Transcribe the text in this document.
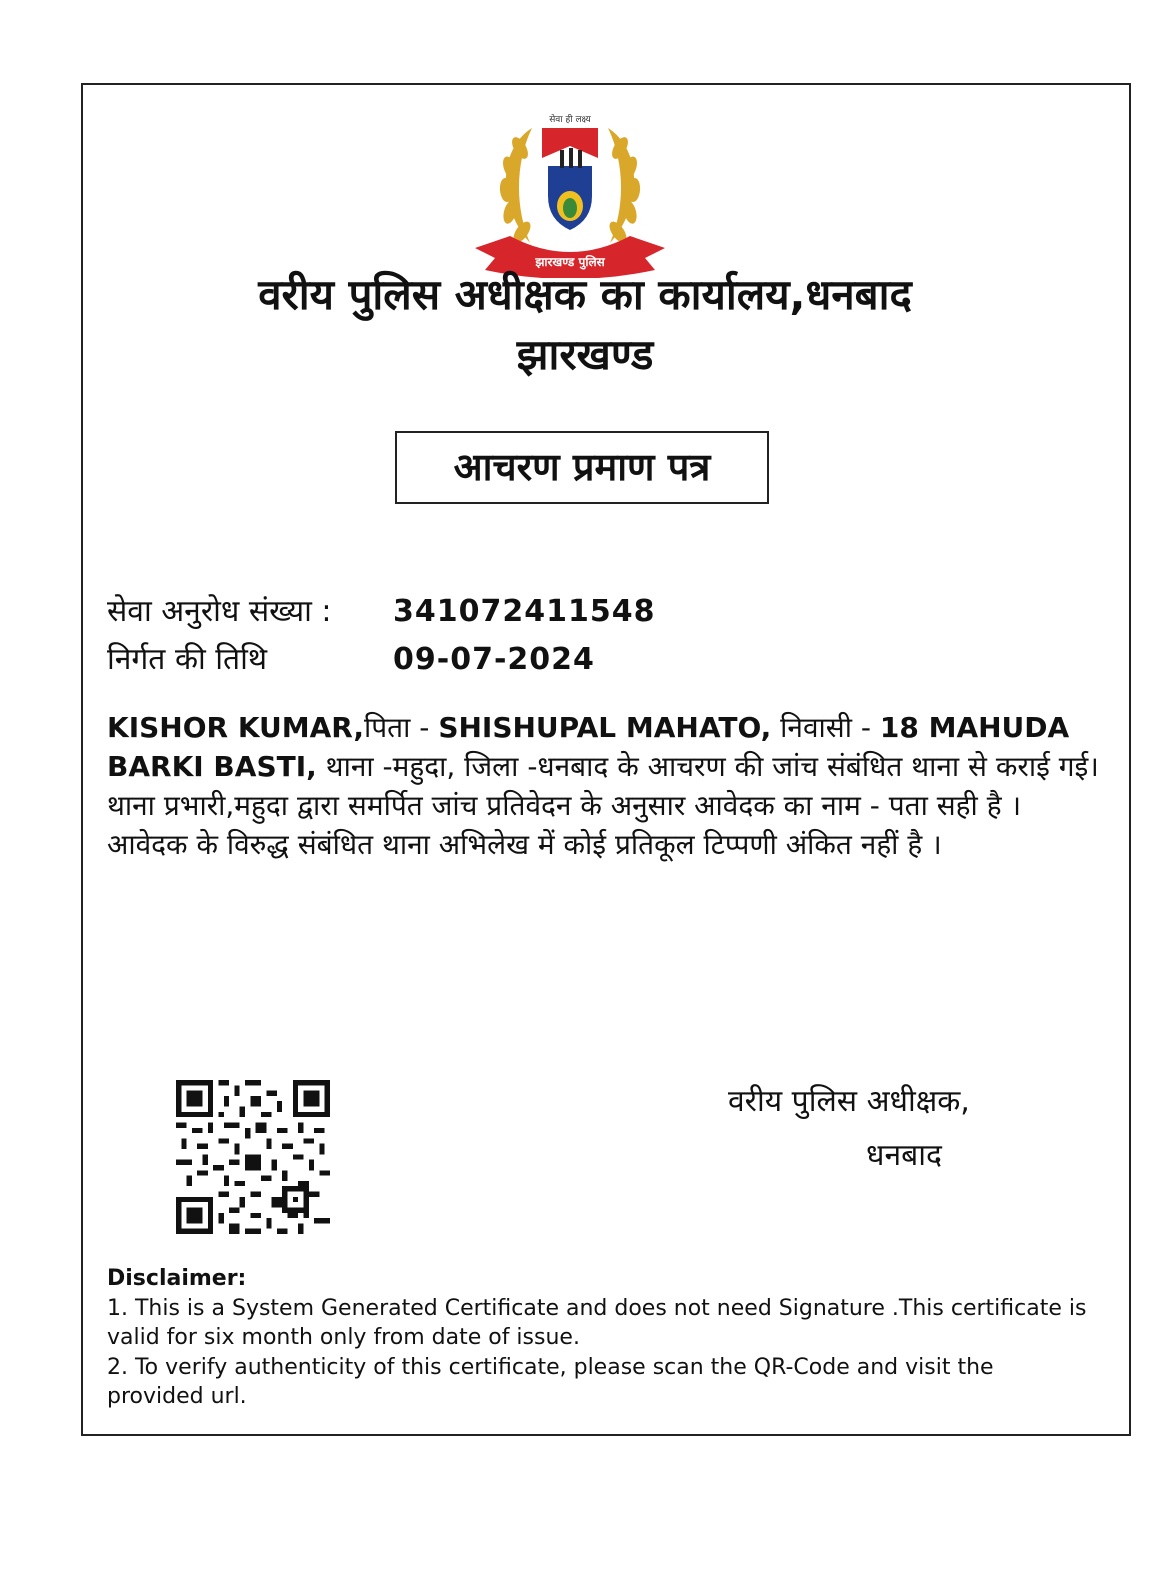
सेवा ही लक्ष्य
झारखण्ड पुलिस
वरीय पुलिस अधीक्षक का कार्यालय,धनबाद
झारखण्ड
आचरण प्रमाण पत्र
सेवा अनुरोध संख्या : 341072411548
निर्गत की तिथि	09-07-2024
KISHOR KUMAR,पिता - SHISHUPAL MAHATO, निवासी - 18 MAHUDA BARKI BASTI, थाना -महुदा, जिला -धनबाद के आचरण की जांच संबंधित थाना से कराई गई। थाना प्रभारी,महुदा द्वारा समर्पित जांच प्रतिवेदन के अनुसार आवेदक का नाम - पता सही है । आवेदक के विरुद्ध संबंधित थाना अभिलेख में कोई प्रतिकूल टिप्पणी अंकित नहीं है ।
वरीय पुलिस अधीक्षक,
धनबाद
Disclaimer:
1. This is a System Generated Certificate and does not need Signature .This certificate is valid for six month only from date of issue.
2. To verify authenticity of this certificate, please scan the QR-Code and visit the provided url.
